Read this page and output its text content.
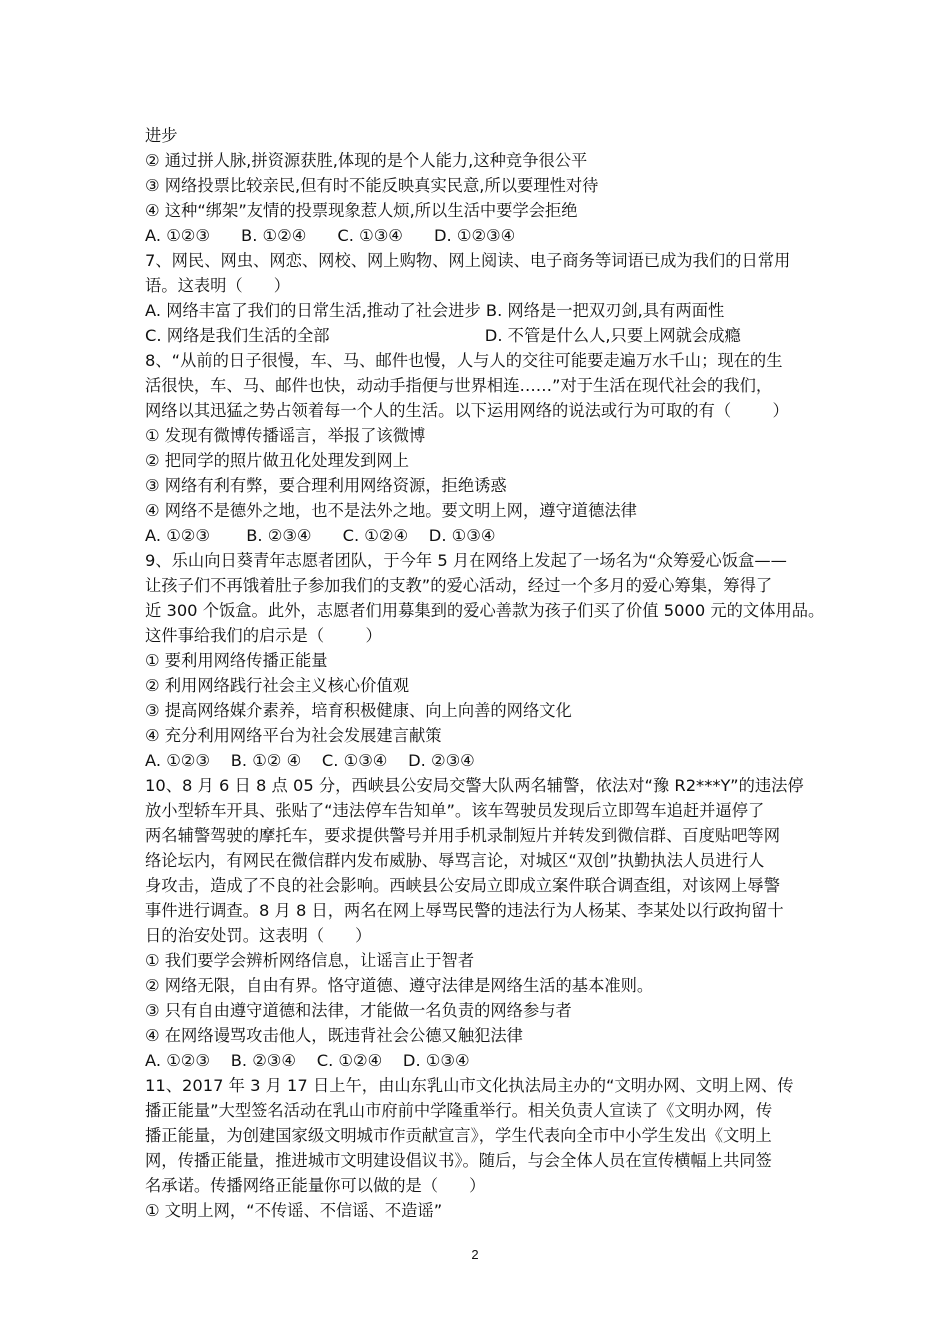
进步
② 通过拼人脉,拼资源获胜,体现的是个人能力,这种竞争很公平
③ 网络投票比较亲民,但有时不能反映真实民意,所以要理性对待
④ 这种“绑架”友情的投票现象惹人烦,所以生活中要学会拒绝
A. ①②③      B. ①②④      C. ①③④      D. ①②③④
7、网民、网虫、网恋、网校、网上购物、网上阅读、电子商务等词语已成为我们的日常用
语。这表明（      ）
A. 网络丰富了我们的日常生活,推动了社会进步 B. 网络是一把双刃剑,具有两面性
C. 网络是我们生活的全部                              D. 不管是什么人,只要上网就会成瘾
8、“从前的日子很慢，车、马、邮件也慢，人与人的交往可能要走遍万水千山；现在的生
活很快，车、马、邮件也快，动动手指便与世界相连……”对于生活在现代社会的我们，
网络以其迅猛之势占领着每一个人的生活。以下运用网络的说法或行为可取的有（        ）
① 发现有微博传播谣言，举报了该微博
② 把同学的照片做丑化处理发到网上
③ 网络有利有弊，要合理利用网络资源，拒绝诱惑
④ 网络不是德外之地，也不是法外之地。要文明上网，遵守道德法律
A. ①②③       B. ②③④      C. ①②④    D. ①③④
9、乐山向日葵青年志愿者团队，于今年 5 月在网络上发起了一场名为“众筹爱心饭盒——
让孩子们不再饿着肚子参加我们的支教”的爱心活动，经过一个多月的爱心筹集，筹得了
近 300 个饭盒。此外，志愿者们用募集到的爱心善款为孩子们买了价值 5000 元的文体用品。
这件事给我们的启示是（        ）
① 要利用网络传播正能量
② 利用网络践行社会主义核心价值观
③ 提高网络媒介素养，培育积极健康、向上向善的网络文化
④ 充分利用网络平台为社会发展建言献策
A. ①②③    B. ①② ④    C. ①③④    D. ②③④
10、8 月 6 日 8 点 05 分，西峡县公安局交警大队两名辅警，依法对“豫 R2***Y”的违法停
放小型轿车开具、张贴了“违法停车告知单”。该车驾驶员发现后立即驾车追赶并逼停了
两名辅警驾驶的摩托车，要求提供警号并用手机录制短片并转发到微信群、百度贴吧等网
络论坛内，有网民在微信群内发布威胁、辱骂言论，对城区“双创”执勤执法人员进行人
身攻击，造成了不良的社会影响。西峡县公安局立即成立案件联合调查组，对该网上辱警
事件进行调查。8 月 8 日，两名在网上辱骂民警的违法行为人杨某、李某处以行政拘留十
日的治安处罚。这表明（      ）
① 我们要学会辨析网络信息，让谣言止于智者
② 网络无限，自由有界。恪守道德、遵守法律是网络生活的基本准则。
③ 只有自由遵守道德和法律，才能做一名负责的网络参与者
④ 在网络谩骂攻击他人，既违背社会公德又触犯法律
A. ①②③    B. ②③④    C. ①②④    D. ①③④
11、2017 年 3 月 17 日上午，由山东乳山市文化执法局主办的“文明办网、文明上网、传
播正能量”大型签名活动在乳山市府前中学隆重举行。相关负责人宣读了《文明办网，传
播正能量，为创建国家级文明城市作贡献宣言》，学生代表向全市中小学生发出《文明上
网，传播正能量，推进城市文明建设倡议书》。随后，与会全体人员在宣传横幅上共同签
名承诺。传播网络正能量你可以做的是（      ）
① 文明上网，“不传谣、不信谣、不造谣”
2
